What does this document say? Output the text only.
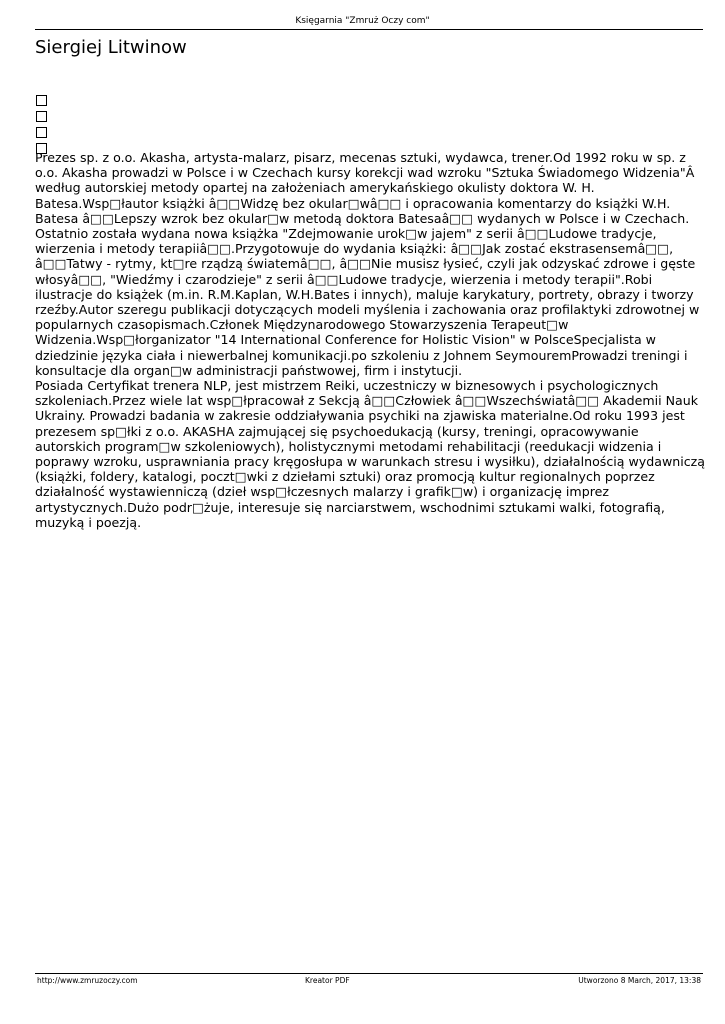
Księgarnia "Zmruż Oczy com"
Siergiej Litwinow

Prezes sp. z o.o. Akasha, artysta-malarz, pisarz, mecenas sztuki, wydawca, trener.Od 1992 roku w sp. z o.o. Akasha prowadzi w Polsce i w Czechach kursy korekcji wad wzroku "Sztuka Świadomego Widzenia"Â według autorskiej metody opartej na założeniach amerykańskiego okulisty doktora W. H. Batesa.Wsp□łautor książki â□□Widzę bez okular□wâ□□ i opracowania komentarzy do książki W.H. Batesa â□□Lepszy wzrok bez okular□w metodą doktora Batesaâ□□ wydanych w Polsce i w Czechach. Ostatnio została wydana nowa książka "Zdejmowanie urok□w jajem" z serii â□□Ludowe tradycje, wierzenia i metody terapiiâ□□.Przygotowuje do wydania książki: â□□Jak zostać ekstrasensemâ□□, â□□Tatwy - rytmy, kt□re rządzą światemâ□□, â□□Nie musisz łysieć, czyli jak odzyskać zdrowe i gęste włosyâ□□, "Wiedźmy i czarodzieje" z serii â□□Ludowe tradycje, wierzenia i metody terapii".Robi ilustracje do książek (m.in. R.M.Kaplan, W.H.Bates i innych), maluje karykatury, portrety, obrazy i tworzy rzeźby.Autor szeregu publikacji dotyczących modeli myślenia i zachowania oraz profilaktyki zdrowotnej w popularnych czasopismach.Członek Międzynarodowego Stowarzyszenia Terapeut□w Widzenia.Wsp□łorganizator "14 International Conference for Holistic Vision" w PolsceSpecjalista w dziedzinie języka ciała i niewerbalnej komunikacji.po szkoleniu z Johnem SeymouremProwadzi treningi i konsultacje dla organ□w administracji państwowej, firm i instytucji.

Posiada Certyfikat trenera NLP, jest mistrzem Reiki, uczestniczy w biznesowych i psychologicznych szkoleniach.Przez wiele lat wsp□łpracował z Sekcją â□□Człowiek â□□Wszechświatâ□□ Akademii Nauk Ukrainy. Prowadzi badania w zakresie oddziaływania psychiki na zjawiska materialne.Od roku 1993 jest prezesem sp□łki z o.o. AKASHA zajmującej się psychoedukacją (kursy, treningi, opracowywanie autorskich program□w szkoleniowych), holistycznymi metodami rehabilitacji (reedukacji widzenia i poprawy wzroku, usprawniania pracy kręgosłupa w warunkach stresu i wysiłku), działalnością wydawniczą (książki, foldery, katalogi, poczt□wki z dziełami sztuki) oraz promocją kultur regionalnych poprzez działalność wystawienniczą (dzieł wsp□łczesnych malarzy i grafik□w) i organizację imprez artystycznych.Dużo podr□żuje, interesuje się narciarstwem, wschodnimi sztukami walki, fotografią, muzyką i poezją.

http://www.zmruzoczy.com	Kreator PDF	Utworzono 8 March, 2017, 13:38
